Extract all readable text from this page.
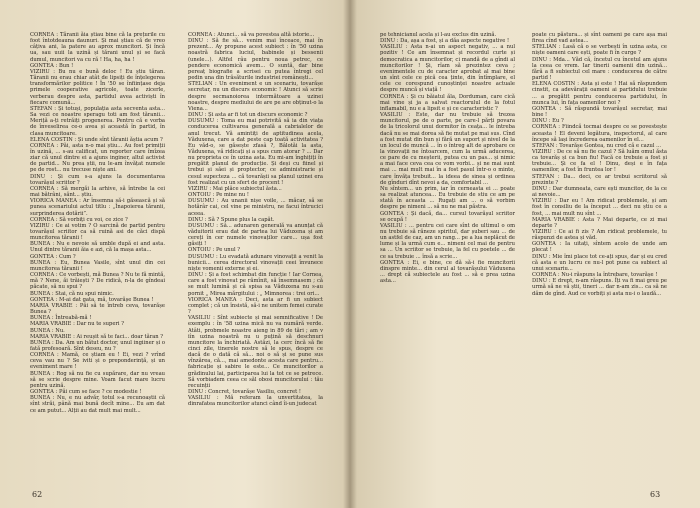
CORNEA : Tăranii ăia știau bine că la prețurile cu foot întotdeauna daunuri. Și mai știau că de vreo câțiva ani, la patere au aprox muncitori. Și încă ua, sau uuii la uzină și tărani unul și se facă dumul, muncitori va cu ră ! Ha, ha, ha !

GONTEA : Bun !

VIZIRU : Bu nu e bună deloc ! Eu știu tăran. Tăranii nu erau chiar atât de lipsiți de înțelegerea transformărilor politice ! În '50 se înființase deja primele cooperative agricole, toate zicerle, verberau despre asta, partidul avea activiști în fiecare comună...

STEFAN : Și totuși, populația asta secventa asta... Sa vezi ce noastre speragu toti am fost tăranii... Meriță a-ți retrăiți progenerea. Pentru că e vorba de înveselirea ce-o avea și această în partid, în clasa muncitoare.

ELENA COSTIN : Și unde sînt tăranii ăștia acum ?

CORNEA : Păi, asta n-o mai știu... Au fost primiții în uzină, ... s-au calificat, un reporter care îmîzea ziar că unul dintre ei a ajuns inginer, altul activist de partid... Nu prea știi, nu le-am învățat numele pe de rost... nu trecuse niște ani.

DINU : Și cum s-a ajuns la documentarea tovarășul scriitor ?

CORNEA : Să mergăi la arhive, să întrebe la cei mai bătrâni, sănt... știu.

VIORICA MANEA : Ar însemna să-i găsească și să punea scenariului actul titlu : „Înapoierea tăranii, surprinderea dotării”.

CORNEA : Să vorbiți cu voi, ce zice ?

VIZIRU : Ce ai votim ? O sarcină de partid pentru tovarășul scriitor ca să ruină asi de căci dispă muncitorea tăranii !

BUNEA : Nu e nevoie să umble după ei and asta. Unul dintre tăranii ăia e azi, că la mașa asta...

GONTEA : Cum ?

BUNEA : Eu, Bunea Vasile, sînt unul din cei muncitorea tăranii !

CORNEA : Ce vorbești, mă Bunea ? Nu te fă mintă, mă ? Nene, ăi trăiești ? De ridică, n-la de gîndeai păcate, să nu spui ?

BUNEA : Stai, că nu spui nimic.

GONTEA : M-ai dat gata, mă, tovarășe Bunea !

MARIA VRABIE : Păi să te întreb ceva, tovarășe Bunea ?

BUNEA : Întreabă-mă !

MARIA VRABIE : Dar nu te superi ?

BUNEA : Nu.

MARIA VRABIE : Ai reușit să te faci... doar tăran ?

BUNEA : Da. Am un bătut doctor, unul ingiiner și o fată profesoară. Sînt deseu, nu ?

CORNEA : Mamă, ce știam eu ! Ei, vezi ? vrînd ceva vau nu ? Se iviti și o preponderință, și un eveniment mare !

BUNEA : Rog să nu fie cu supărare, dar nu vreau să se scrie despre mine. Voam facut mare lucru pentru uzină.

GONTEA : Păi cum se face ? ce modestie !

BUNEA : Nu, e nu advăr, totul s-a recunoaștii că sînt străi, până mai bună decît mine... Eu am dat ce am putut... Alții au dat mult mai mult...

CORNEA : Atunci... să va povestea altă istorie...

DINU : Să fie să... venim mai înceace, mai în prezent... Ay propune acest subiect : în '50 uzina noastră fabrica luciul, babinele și bessenii (unele...). Altfel râu pentru noua petrec, ce pendere economică avem... O suntă, dar bine pereaț biografie a scrisei cu putea întregi cel pedin una din trăsăturile industriei românești...

STELIAN : Un eveniment e un scenariu, tovarășe secretar, nu un discurs economic ! Atunci să scrie despre secmanoiorea intermătoare a uzinei noastre, despre mediului de are pe are obținut-o la Viena...

DINU : Și asta ar fi tot un discurs economic ?

DUSUMU : Toma eu mai potrivită să ia din viața conducerea cultivarea generală a cabrialelor de anul trecut. Vă amintiți de aptitudinea acela, Văduxena, care a dat peste cap toată activitatea ? Eu văd-o, se găsește zfasâ ?, Bâlotăi la asta, Văduxena, vă ridicați și a spus cum atorar ? ... Dar nu proprieta ce în uzina asta. Eu mi-am înghițiți în pregătit planul de producție. Și deși cu fiinel și trebui și săei și proptector, ce administrarie și cesul supecteza ... că tovarășii sa planul uzinei era fost realizat cu un sfert de procent !

VIZIRU : Mai plăce subiectul ăsta...

ONTOIU : Pe mine nu !

DUSUMU : Au unanii nișe voile, ... măcar, să se hotărâr cai, cel vine pe ministru, ne facui întrucici aceea.

DINU : Să ? Spune plus la capăt.

DUSUMU : Să... adunaren generală va anunțat că văduitorii erau dat de partea lui Văduxena și am cereți în cer numele vinovaților care... ușa fost găsiți !

ONTOIU : Pe unul ?

DUSUMU : Lu evadată adunare vinovații a venit la bunicii... cerea directorul vinovații ceei învunece niște vomenii externe și ei.

DINU : Și a fost schimbat din funcție ! Iar Cornea, care a fost vinovat pe rămînit, să însemnasem ; că se mult lumină și că spisa sa Văduxena nu s-au pornit „ Mirea mărgitului : „ Mimnorea : trei ori...

VIORICA MANEA : Deci, asta ar fi un subiect complet ; că un însistă, să-i ne unitem femei curate ?

VASILIU : Sînt subiecte și mai semnificative ! De exemplu : în '58 uzina mică nu va numără verde. Atâti, probmele noastre aieng in 89 de tări ; am v iîn uzina noastră nu u puțină să deschnuri muncitore la închiriată. Astăzi, la cerc încă să fie cinci zile, tinerele nostre să le spus, despre ce dacă de o dată că să... noi o să și se pune sus vînzărea, că..., mai amedonte acesta care pentru... fabricație și sabire le este... Ce muncitorilor a grădinului lai, participarea lui la tot ce se petrece. Să vorbiadem ceea ce săl obosi muncitorului : tău recuinții

DINU : Concret, tovarășe Vasiliu, concret !

VASILIU : Mă referam la unvertitatea, la dinrafatea muncitorilor atunci când îi-un judecat

62

pe tehnicianul acela și l-au exclus din uzină.

DINU : Da, așa a fost, și a dăa aspecte negative !

VASILIU : Asta n-ai un aspect negativ, ... a nul pozitiv ! Ce am însemnat și recordul curte și democratica a muncitorilor, ci mandă de a gîndi al muncitorilor ! Și, rîam să prezintez ceva ; evenimentele cu de caracter aprobat al mai bine un sînt cele ce pică cea ținte, din întîmplare, el cele ce corespund cunoștinței noastre actuale despre muncă și viață !

CORNEA : Și cu băiatul ăla, Dorduman, care cică mai vine și ja a salvat reactorulul de la fotul inflamabil, nu e a lipsit e și ce caracteristic ?

VASILIU : Este, dar nu trebuie să trezea muncitorul, pe de o parte, pe care-l părți povara de la tricolorul unui dormitor în ceața... le întreba dacă nu se mai dorea să fie mutat pe mai sus. Cînd a fost mutat din bun și fără un suport și nivel de la un locul de muncă ... în o întreg alt de aprobare ce la vinovații ne întoarcem, cum la urmă aducerea, ce pare de cu meșterii, putea cu un pas... și nimic a mai face ceva cea ce vom vorbi... și ne mai sunt mai ... mai mult mai în a fost pasul într-o o minte, care învăța trebuit... la ideea de sinea și ordinea de gînduri dînt nevoi a da, comfortabil ...

Nu sîntem... un prim, iar în cerneasta ei ... poate sa realizat atuncea... Eu trebuie de stiu ce am pe stată în aceasta ... Rugați am ... o să vorbim despre pe nimeni ... să nu ne mai păstra.

GONTEA : Și dacă, da... cursul tovarășul scriitor se ocupă !

VASILIU : ... pentru cei care sînt de ultimul o om nu trebuie să răneze spiritul, dar șuberi sau ... de un astfel de caz, am un rang... pe a lua neplăcut de lume și la urmă cum e... nimeni cel mai de pentru sa ... Un scriitor se trebuie, la fel cu poetele ... de ce sa trebuie ... însă a scrie...

GONTEA : Ei, e bine, ce dă să-i fie muncitorii dinspre minte... din cerul al tovarășului Văduxena ... drept că subiectele au fost ... să e prea uzina asta...

poate cu păstura... și sînt oameni pe care așa mai firea cînd vad astea...

STELIAN : Lasă că o se verbești în uzina asta, ce niște oameni care ești, poate fi în curge ?

DINU : Mda... Văd că, încetul cu încetul am ajuns la ceea ce vrem. Iar tinerii oamenii din uzină... fără a fi subiectul cel mare : conducerea de către partid !

ELENA COSTIN : Asta și este ! Hai să răspundem cinstit, ca adevărații oameni ai partidului trebuie ... a pregătit pentru conducerea partidului, în munca lui, în fața oamenilor noi ?

GONTEA : Să răspundă tovarășul secretar, mai bine !

DINU : Eu ?

CORNEA : Fiindcă tocmai despre ce se povestește aceasta ! El deveni legătura, inspectorul, al care începe să lași încrederea oamenilor în el...

STEFAN : Tovarășe Gontea, nu cred că e cazul ...

VIZIRU : De ce să nu fie cazul ? Să luăm omul ăsta ca tovarăș și ca bun fiu! Facă ce trebuie a fost și trebuie... Și ce fa el ! Dinu, deși e în fața oamenilor, a fost în fruntea lor !

STEFAN : Da... deci, ce ar trebui scriitorul să prezinte ?

DINU : Dar dumneata, care ești muncitor, de la ce ai nevoie...

VIZIRU : Dar eu ! Am ridicat problemele, și am fost în consiliu de la început ... deci nu știu ce a fost, ... mai mult nu sînt ...

MARIA VRABIE : Asta ? Mai departe, ce zi mai departe ?

VIZIRU : Ce ai fi zis ? Am ridicat problemele, tu răspunzi de astea și văd.

GONTEA : Ia uitați, sîntem acolo de unde am plecat !

DINU : Mie îmi place tot ce-ați spus, dar și eu cred că asta e un lucru ce nu-l pot pune ca subiect al unui scenariu...

CORNEA : Nu-i răspuns la întrebare, tovarășe !

DINU : E drept, n-am răspuns. Îți va fi mai greu pe urmă să ne vă știi, tineri ... dar n-am zis... ca să ne dăm de gînd. Aud ce vorbiți și asta nu-i o laudă...

63
